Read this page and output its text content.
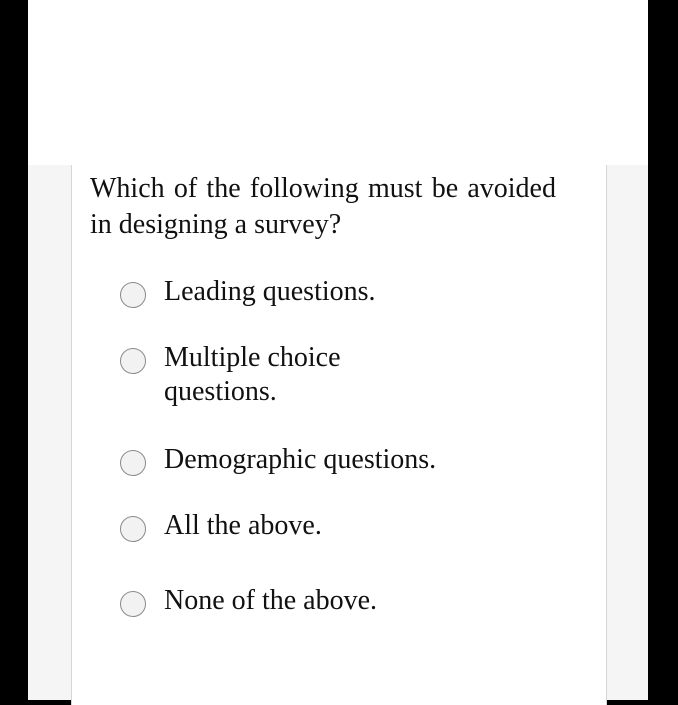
Which of the following must be avoided in designing a survey?

Leading questions.
Multiple choice
questions.
Demographic questions.
All the above.
None of the above.
